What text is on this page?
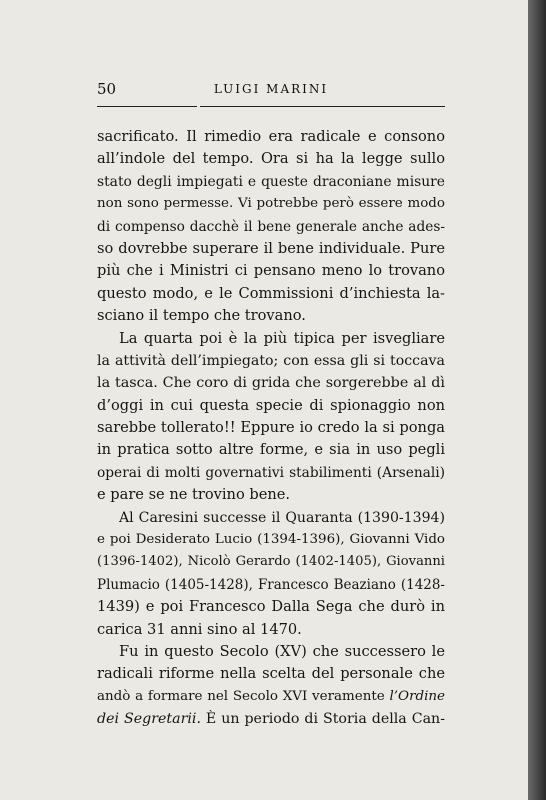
50	LUIGI MARINI
sacrificato. Il rimedio era radicale e consono
all’indole del tempo. Ora si ha la legge sullo
stato degli impiegati e queste draconiane misure
non sono permesse. Vi potrebbe però essere modo
di compenso dacchè il bene generale anche ades-
so dovrebbe superare il bene individuale. Pure
più che i Ministri ci pensano meno lo trovano
questo modo, e le Commissioni d’inchiesta la-
sciano il tempo che trovano.
La quarta poi è la più tipica per isvegliare
la attività dell’impiegato; con essa gli si toccava
la tasca. Che coro di grida che sorgerebbe al dì
d’oggi in cui questa specie di spionaggio non
sarebbe tollerato!! Eppure io credo la si ponga
in pratica sotto altre forme, e sia in uso pegli
operai di molti governativi stabilimenti (Arsenali)
e pare se ne trovino bene.
Al Caresini successe il Quaranta (1390-1394)
e poi Desiderato Lucio (1394-1396), Giovanni Vido
(1396-1402), Nicolò Gerardo (1402-1405), Giovanni
Plumacio (1405-1428), Francesco Beaziano (1428-
1439) e poi Francesco Dalla Sega che durò in
carica 31 anni sino al 1470.
Fu in questo Secolo (XV) che successero le
radicali riforme nella scelta del personale che
andò a formare nel Secolo XVI veramente l’Ordine
dei Segretarii. È un periodo di Storia della Can-
